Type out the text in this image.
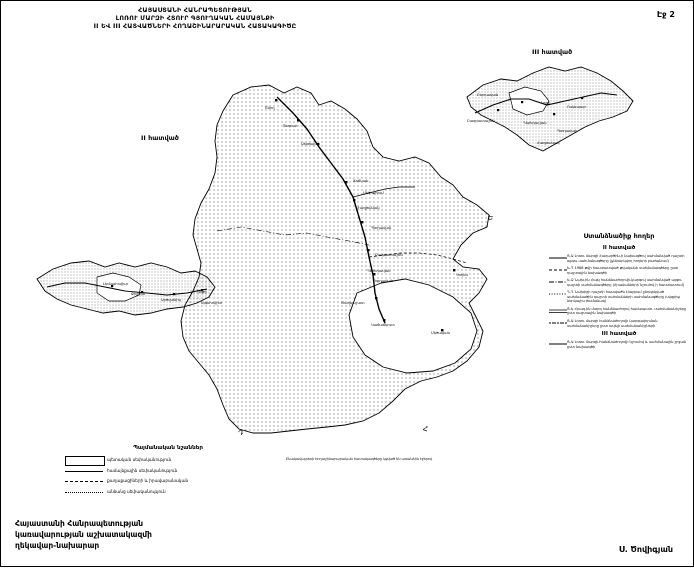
ՀԱՅԱՍՏԱՆԻ ՀԱՆՐԱՊԵՏՈՒԹՅԱՆ
ԼՈՌՈՒ ՄԱՐԶԻ ՀՏՈՒՐ ԳՅՈՒՂԱԿԱՆ ՀԱՄԱՅՆՔԻ
II ԵՎ III ՀԱՏՎԱԾՆԵՐԻ ՀՈՂԱՇԻՆԱՐԱՐԱԿԱՆ ՀԱՏԱԿԱԳԻԾԸ
Էջ 2
II հատված
III հատված
Ե
Դ	Հ
Շնող
Տեղուտ
Ախթալա
Ճոճկան
Մեծ Այրում
Հաղթանակ
Պտղավան
Բագրատաշեն
Դեբեդավան
Պտղավան
Կողես
Ծաղկաշատ
Կաճաճկուտ
Մեծավան
Լեռնահովիտ
Ջիլիզա
Արծվանիկ
Կոթի
Այգեհովիտ
Բերդավան
Կողբ
Բագրատաշեն
Ոսկեպար
Դեբեդավան
Պտղավան
Հաղթանակ
Բնակավայրերի հողաշինարարական հատակագծերը կցված են առանձին էջերով
Ստանձնածիք հողեր
II հատված
Ց-Ա Լոռու մարզի Հաղարծին-ի նախագծով սահմանված դաշտի այգու սահմանագծերը (քննարկվող հողերի բաժանում)
Ե-Դ 1988 թվի հաստատված թվականի սահմանագծերը ըստ դաշտային նախագծի
Ե-Զ Նախ.ին Հայկ հանձնաժողովի-կարգով սահմանված այգու դաշտի սահմանագծերը (Հրամանների նշումով ի հաստատում)
Դ-Ղ Նախիջի դաշտի հատվածն է/այգում ընդգրկված սահմանածին դաշտի սահմանների սահմանագծերը (սկզբից ներկայիս ժամանակ)
Ց-Ե Հրազ.ին մարզ հանձնաժողով համապատ. սահմանանիշերը ըստ դաշտային նախագծի
Ց-Ա Լոռու մարզի հանձնաժողովի կարգավորման սահմանանիշերը ըստ ավելի սահմանանիշների
III հատված
Ց-Ա Լոռու մարզի-հանձնաժողովի նշումով և սահմանային շրջան ըստ նախագծի
Պայմանական նշաններ
պետական սեփականություն
համայնքային սեփականություն
քաղաքացիների և իրավաբանական
անձանց սեփականություն
Հայաստանի Հանրապետության
կառավարության աշխատակազմի
ղեկավար-նախարար	Ս. Ծովիգյան
